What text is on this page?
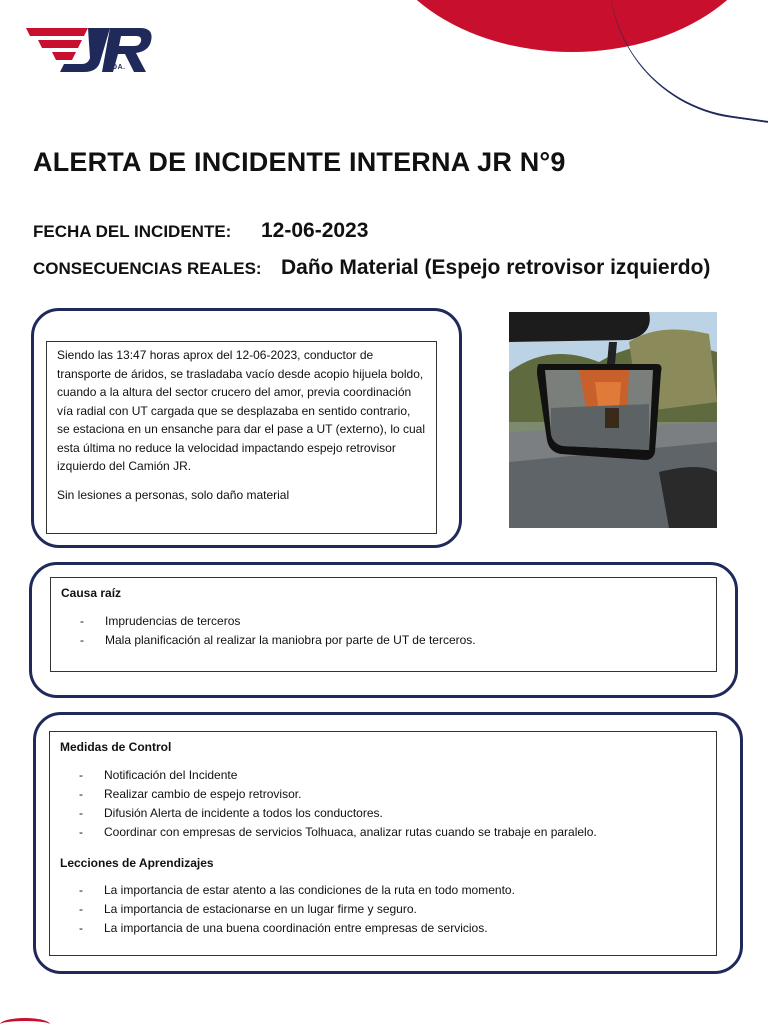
LTDA.
ALERTA DE INCIDENTE INTERNA JR N°9
FECHA DEL INCIDENTE: 12-06-2023
CONSECUENCIAS REALES: Daño Material (Espejo retrovisor izquierdo)

Siendo las 13:47 horas aprox del 12-06-2023, conductor de transporte de áridos, se trasladaba vacío desde acopio hijuela boldo, cuando a la altura del sector crucero del amor, previa coordinación vía radial con UT cargada que se desplazaba en sentido contrario, se estaciona en un ensanche para dar el pase a UT (externo), lo cual esta última no reduce la velocidad impactando espejo retrovisor izquierdo del Camión JR.

Sin lesiones a personas, solo daño material

Causa raíz
- Imprudencias de terceros
- Mala planificación al realizar la maniobra por parte de UT de terceros.
Medidas de Control
- Notificación del Incidente
- Realizar cambio de espejo retrovisor.
- Difusión Alerta de incidente a todos los conductores.
- Coordinar con empresas de servicios Tolhuaca, analizar rutas cuando se trabaje en paralelo.
Lecciones de Aprendizajes
- La importancia de estar atento a las condiciones de la ruta en todo momento.
- La importancia de estacionarse en un lugar firme y seguro.
- La importancia de una buena coordinación entre empresas de servicios.
